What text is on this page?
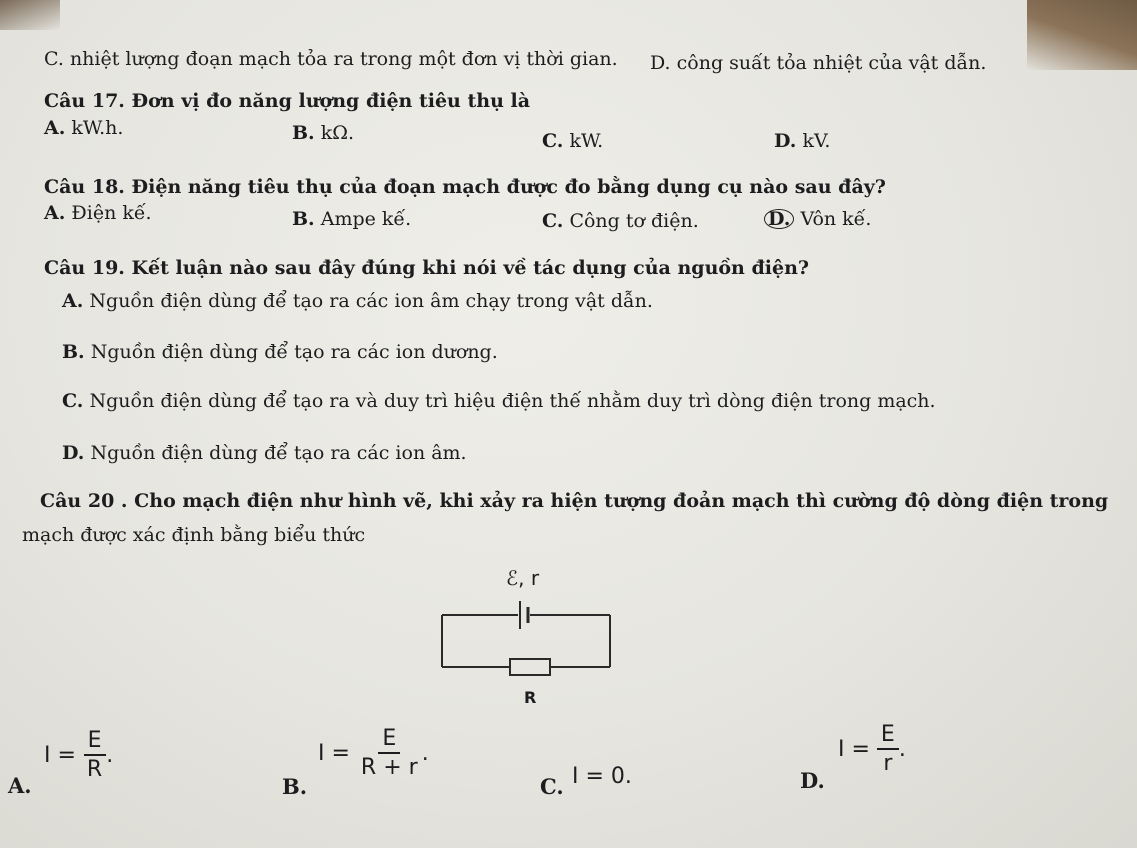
C. nhiệt lượng đoạn mạch tỏa ra trong một đơn vị thời gian. D. công suất tỏa nhiệt của vật dẫn.
Câu 17. Đơn vị đo năng lượng điện tiêu thụ là
A. kW.h.	B. kΩ.	C. kW.	D. kV.
Câu 18. Điện năng tiêu thụ của đoạn mạch được đo bằng dụng cụ nào sau đây?
A. Điện kế.	B. Ampe kế.	C. Công tơ điện.	D. Vôn kế.
Câu 19. Kết luận nào sau đây đúng khi nói về tác dụng của nguồn điện?
A. Nguồn điện dùng để tạo ra các ion âm chạy trong vật dẫn.
B. Nguồn điện dùng để tạo ra các ion dương.
C. Nguồn điện dùng để tạo ra và duy trì hiệu điện thế nhằm duy trì dòng điện trong mạch.
D. Nguồn điện dùng để tạo ra các ion âm.
Câu 20 . Cho mạch điện như hình vẽ, khi xảy ra hiện tượng đoản mạch thì cường độ dòng điện trong
mạch được xác định bằng biểu thức
ℰ, r
R
A.
$I = \frac{E}{R}$ .
B.
$I = \frac{E}{R + r}$ .
C. I = 0.	D.
$I = \frac{E}{r}$ .
